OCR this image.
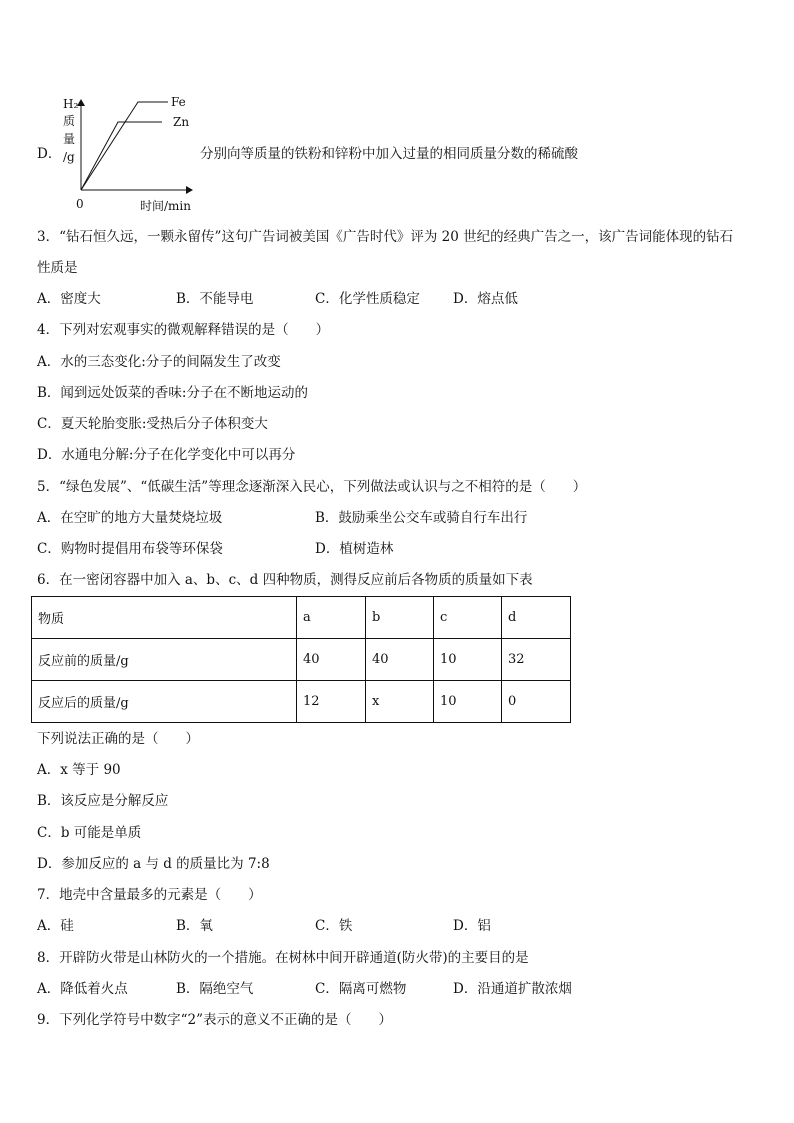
D．
Fe
Zn
H₂
质
量
/g
0	时间/min
分别向等质量的铁粉和锌粉中加入过量的相同质量分数的稀硫酸
3．“钻石恒久远，一颗永留传”这句广告词被美国《广告时代》评为 20 世纪的经典广告之一，该广告词能体现的钻石
性质是
A．密度大	B．不能导电	C．化学性质稳定 D．熔点低
4．下列对宏观事实的微观解释错误的是（　　）
A．水的三态变化:分子的间隔发生了改变
B．闻到远处饭菜的香味:分子在不断地运动的
C．夏天轮胎变胀:受热后分子体积变大
D．水通电分解:分子在化学变化中可以再分
5．“绿色发展”、“低碳生活”等理念逐渐深入民心，下列做法或认识与之不相符的是（　　）
A．在空旷的地方大量焚烧垃圾	B．鼓励乘坐公交车或骑自行车出行
C．购物时提倡用布袋等环保袋	D．植树造林
6．在一密闭容器中加入 a、b、c、d 四种物质，测得反应前后各物质的质量如下表
物质	a	b	c	d
反应前的质量/g	40	40	10	32
反应后的质量/g	12	x	10	0
下列说法正确的是（　　）
A．x 等于 90
B．该反应是分解反应
C．b 可能是单质
D．参加反应的 a 与 d 的质量比为 7:8
7．地壳中含量最多的元素是（　　）
A．硅	B．氧	C．铁	D．铝
8．开辟防火带是山林防火的一个措施。在树林中间开辟通道(防火带)的主要目的是
A．降低着火点	B．隔绝空气	C．隔离可燃物	D．沿通道扩散浓烟
9．下列化学符号中数字“2”表示的意义不正确的是（　　）
